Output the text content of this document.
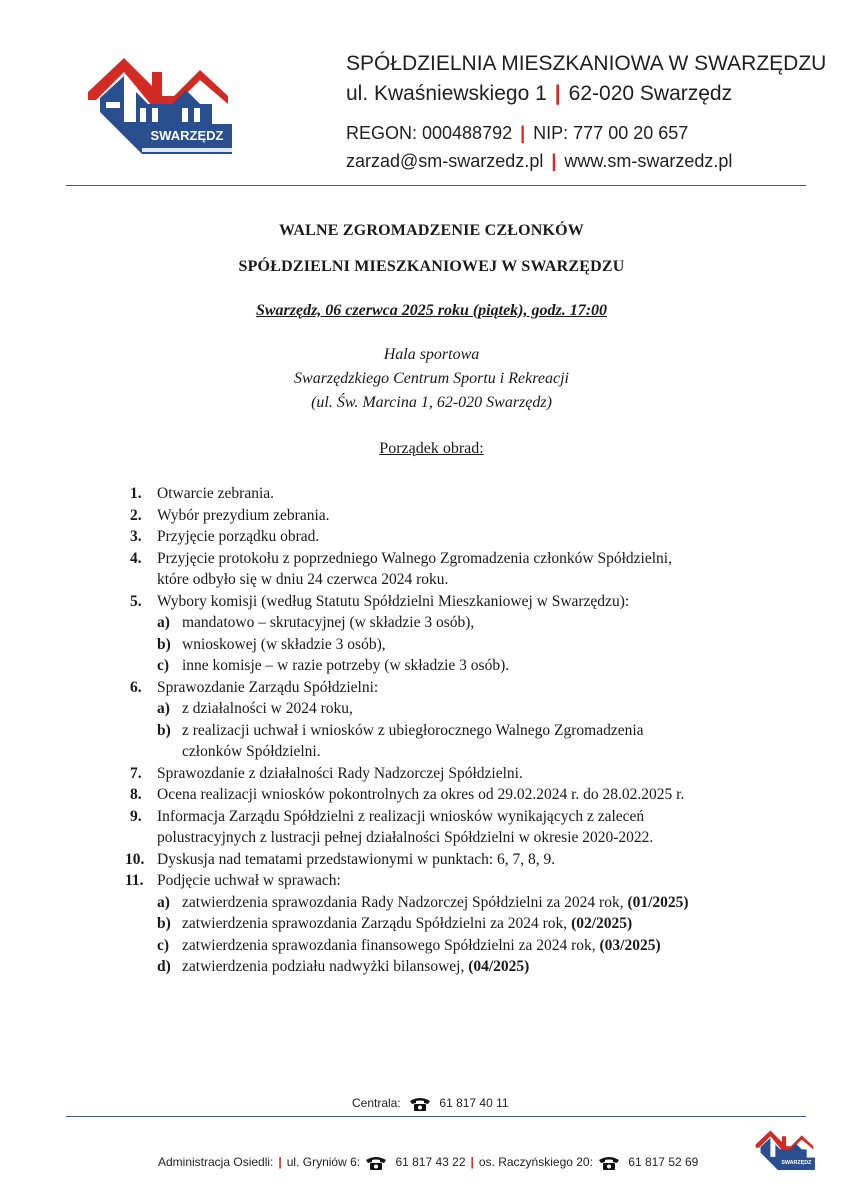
SWARZĘDZ
SPÓŁDZIELNIA MIESZKANIOWA W SWARZĘDZU
ul. Kwaśniewskiego 1 | 62-020 Swarzędz
REGON: 000488792 | NIP: 777 00 20 657
zarzad@sm-swarzedz.pl | www.sm-swarzedz.pl
WALNE ZGROMADZENIE CZŁONKÓW
SPÓŁDZIELNI MIESZKANIOWEJ W SWARZĘDZU
Swarzędz, 06 czerwca 2025 roku (piątek), godz. 17:00
Hala sportowa
Swarzędzkiego Centrum Sportu i Rekreacji
(ul. Św. Marcina 1, 62-020 Swarzędz)
Porządek obrad:
1. Otwarcie zebrania.
2. Wybór prezydium zebrania.
3. Przyjęcie porządku obrad.
4. Przyjęcie protokołu z poprzedniego Walnego Zgromadzenia członków Spółdzielni,
które odbyło się w dniu 24 czerwca 2024 roku.
5. Wybory komisji (według Statutu Spółdzielni Mieszkaniowej w Swarzędzu):
a) mandatowo – skrutacyjnej (w składzie 3 osób),
b) wnioskowej (w składzie 3 osób),
c) inne komisje – w razie potrzeby (w składzie 3 osób).
6. Sprawozdanie Zarządu Spółdzielni:
a) z działalności w 2024 roku,
b) z realizacji uchwał i wniosków z ubiegłorocznego Walnego Zgromadzenia
członków Spółdzielni.
7. Sprawozdanie z działalności Rady Nadzorczej Spółdzielni.
8. Ocena realizacji wniosków pokontrolnych za okres od 29.02.2024 r. do 28.02.2025 r.
9. Informacja Zarządu Spółdzielni z realizacji wniosków wynikających z zaleceń
polustracyjnych z lustracji pełnej działalności Spółdzielni w okresie 2020-2022.
10. Dyskusja nad tematami przedstawionymi w punktach: 6, 7, 8, 9.
11. Podjęcie uchwał w sprawach:
a) zatwierdzenia sprawozdania Rady Nadzorczej Spółdzielni za 2024 rok, (01/2025)
b) zatwierdzenia sprawozdania Zarządu Spółdzielni za 2024 rok, (02/2025)
c) zatwierdzenia sprawozdania finansowego Spółdzielni za 2024 rok, (03/2025)
d) zatwierdzenia podziału nadwyżki bilansowej, (04/2025)
Centrala:	61 817 40 11
Administracja Osiedli: | ul. Gryniów 6:	61 817 43 22 | os. Raczyńskiego 20:	61 817 52 69	SWARZĘDZ
